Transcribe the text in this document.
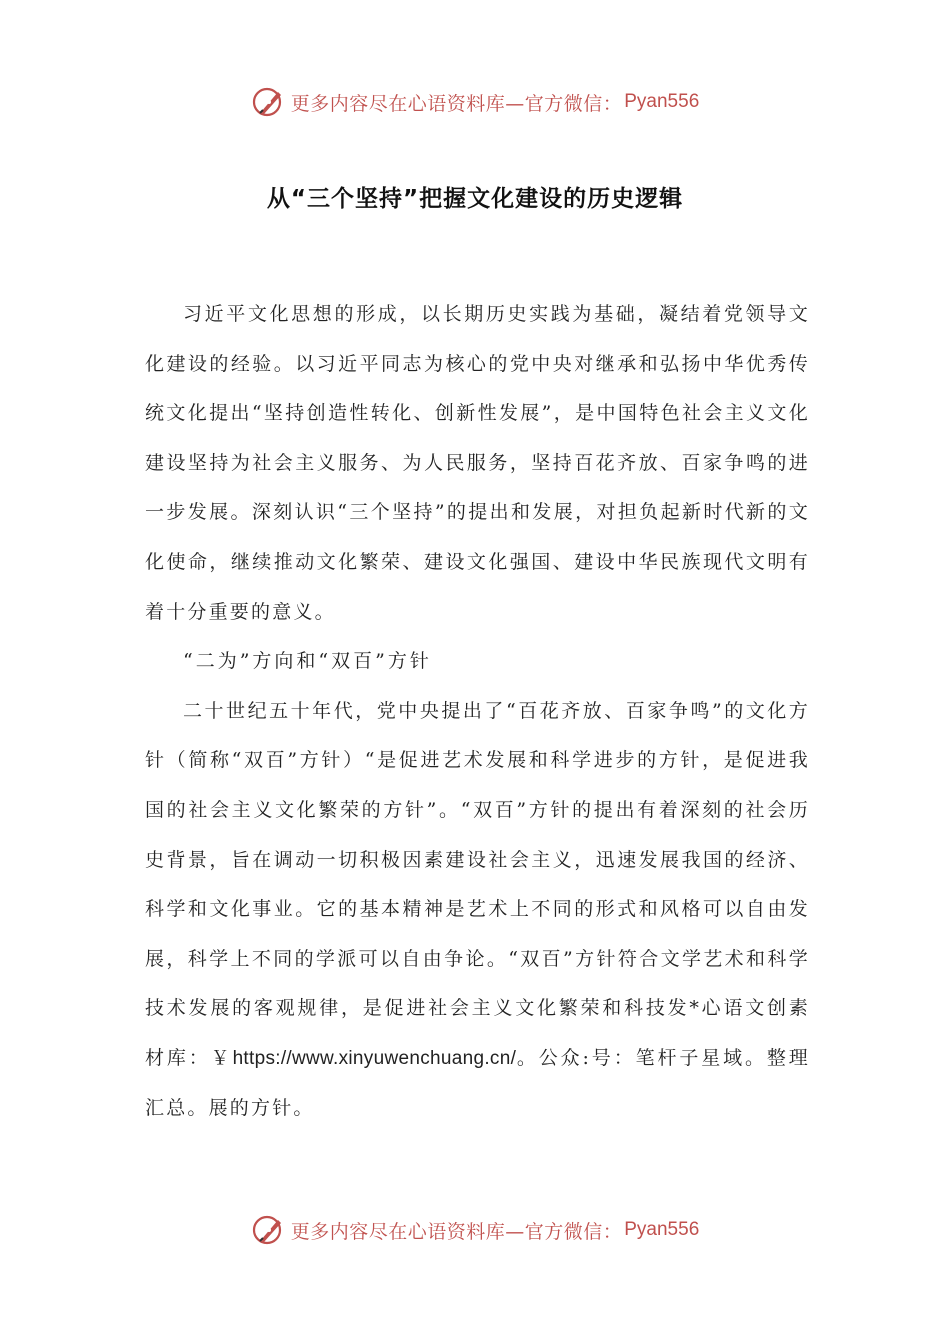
更多内容尽在心语资料库—官方微信： Pyan556
从“三个坚持”把握文化建设的历史逻辑

习近平文化思想的形成，以长期历史实践为基础，凝结着党领导文化建设的经验。以习近平同志为核心的党中央对继承和弘扬中华优秀传统文化提出“坚持创造性转化、创新性发展”，是中国特色社会主义文化建设坚持为社会主义服务、为人民服务，坚持百花齐放、百家争鸣的进一步发展。深刻认识“三个坚持”的提出和发展，对担负起新时代新的文化使命，继续推动文化繁荣、建设文化强国、建设中华民族现代文明有着十分重要的意义。

“二为”方向和“双百”方针

二十世纪五十年代，党中央提出了“百花齐放、百家争鸣”的文化方针（简称“双百”方针）“是促进艺术发展和科学进步的方针，是促进我国的社会主义文化繁荣的方针”。“双百”方针的提出有着深刻的社会历史背景，旨在调动一切积极因素建设社会主义，迅速发展我国的经济、科学和文化事业。它的基本精神是艺术上不同的形式和风格可以自由发展，科学上不同的学派可以自由争论。“双百”方针符合文学艺术和科学技术发展的客观规律，是促进社会主义文化繁荣和科技发*心语文创素材库：￥https://www.xinyuwenchuang.cn/。公众:号：笔杆子星域。整理汇总。展的方针。

更多内容尽在心语资料库—官方微信： Pyan556
